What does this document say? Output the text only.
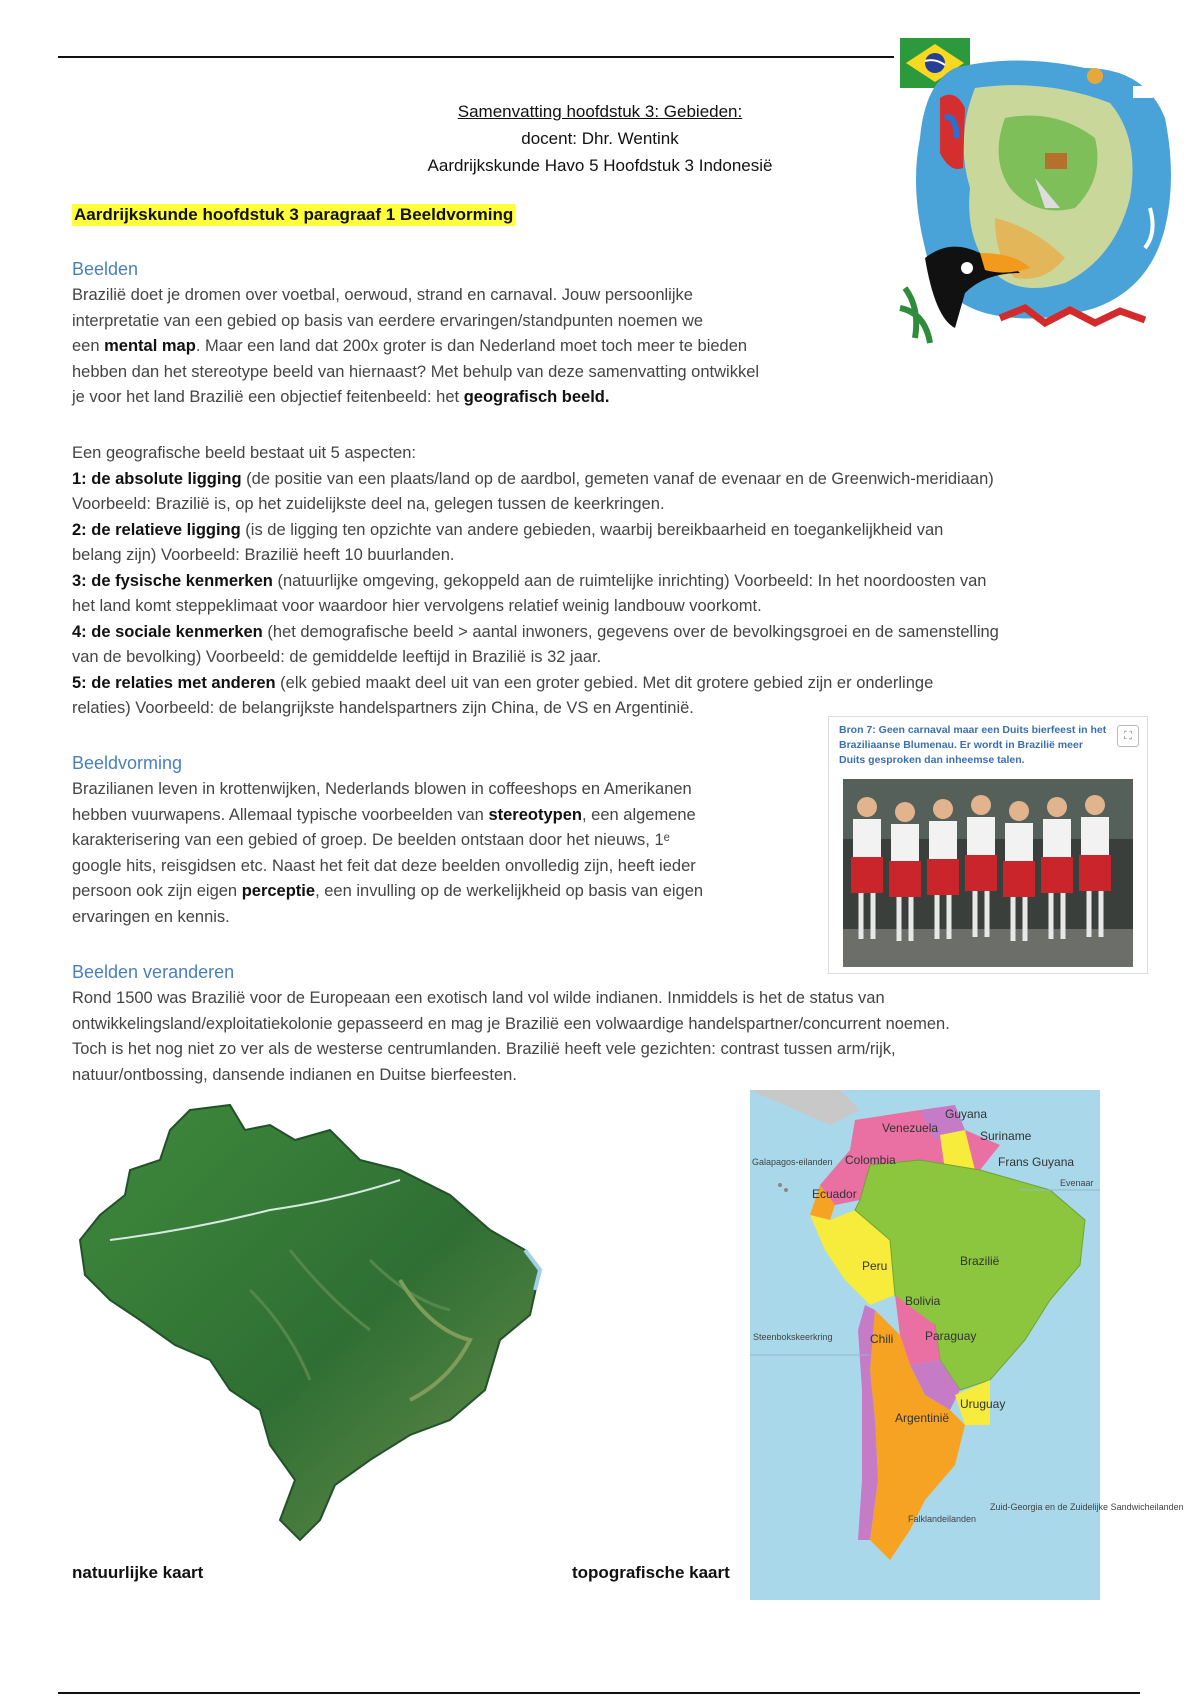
Samenvatting hoofdstuk 3: Gebieden:
docent: Dhr. Wentink
Aardrijkskunde Havo 5 Hoofdstuk 3 Indonesië
Aardrijkskunde hoofdstuk 3 paragraaf 1 Beeldvorming
Beelden
Brazilië doet je dromen over voetbal, oerwoud, strand en carnaval. Jouw persoonlijke
interpretatie van een gebied op basis van eerdere ervaringen/standpunten noemen we
een mental map. Maar een land dat 200x groter is dan Nederland moet toch meer te bieden
hebben dan het stereotype beeld van hiernaast? Met behulp van deze samenvatting ontwikkel
je voor het land Brazilië een objectief feitenbeeld: het geografisch beeld.
Een geografische beeld bestaat uit 5 aspecten:
1: de absolute ligging (de positie van een plaats/land op de aardbol, gemeten vanaf de evenaar en de Greenwich-meridiaan)
Voorbeeld: Brazilië is, op het zuidelijkste deel na, gelegen tussen de keerkringen.
2: de relatieve ligging (is de ligging ten opzichte van andere gebieden, waarbij bereikbaarheid en toegankelijkheid van
belang zijn) Voorbeeld: Brazilië heeft 10 buurlanden.
3: de fysische kenmerken (natuurlijke omgeving, gekoppeld aan de ruimtelijke inrichting) Voorbeeld: In het noordoosten van
het land komt steppeklimaat voor waardoor hier vervolgens relatief weinig landbouw voorkomt.
4: de sociale kenmerken (het demografische beeld > aantal inwoners, gegevens over de bevolkingsgroei en de samenstelling
van de bevolking) Voorbeeld: de gemiddelde leeftijd in Brazilië is 32 jaar.
5: de relaties met anderen (elk gebied maakt deel uit van een groter gebied. Met dit grotere gebied zijn er onderlinge
relaties) Voorbeeld: de belangrijkste handelspartners zijn China, de VS en Argentinië.
Beeldvorming
Brazilianen leven in krottenwijken, Nederlands blowen in coffeeshops en Amerikanen
hebben vuurwapens. Allemaal typische voorbeelden van stereotypen, een algemene
karakterisering van een gebied of groep. De beelden ontstaan door het nieuws, 1ᵉ
google hits, reisgidsen etc. Naast het feit dat deze beelden onvolledig zijn, heeft ieder
persoon ook zijn eigen perceptie, een invulling op de werkelijkheid op basis van eigen
ervaringen en kennis.
Bron 7: Geen carnaval maar een Duits bierfeest in het Braziliaanse Blumenau. Er wordt in Brazilië meer Duits gesproken dan inheemse talen.
⛶
Beelden veranderen
Rond 1500 was Brazilië voor de Europeaan een exotisch land vol wilde indianen. Inmiddels is het de status van
ontwikkelingsland/exploitatiekolonie gepasseerd en mag je Brazilië een volwaardige handelspartner/concurrent noemen.
Toch is het nog niet zo ver als de westerse centrumlanden. Brazilië heeft vele gezichten: contrast tussen arm/rijk,
natuur/ontbossing, dansende indianen en Duitse bierfeesten.
natuurlijke kaart
Guyana
Venezuela
Suriname
Frans Guyana
Colombia
Ecuador
Peru	Brazilië
Bolivia
Chili	Paraguay
Uruguay
Argentinië
Galapagos-eilanden
Evenaar
Steenbokskeerkring
Falklandeilanden
Zuid-Georgia en de Zuidelijke Sandwicheilanden
topografische kaart
